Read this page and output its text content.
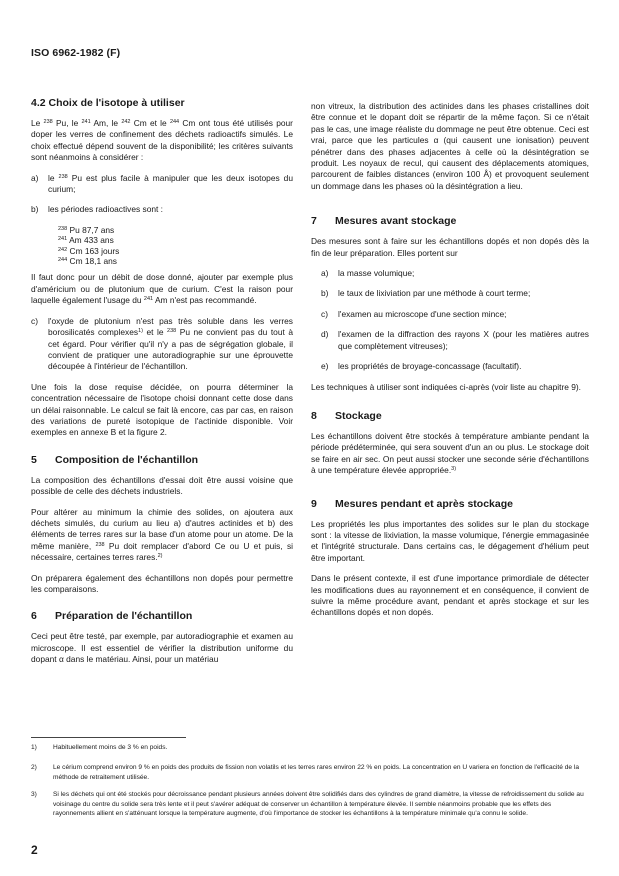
ISO 6962-1982 (F)
4.2 Choix de l'isotope à utiliser
Le $^{238}$ Pu, le $^{241}$ Am, le $^{242}$ Cm et le $^{244}$ Cm ont tous été utilisés pour doper les verres de confinement des déchets radioactifs simulés. Le choix effectué dépend souvent de la disponibilité; les critères suivants sont néanmoins à considérer :
a)	le $^{238}$ Pu est plus facile à manipuler que les deux isotopes du curium;
b)	les périodes radioactives sont :
$^{238}$ Pu 87,7 ans
$^{241}$ Am 433 ans
$^{242}$ Cm 163 jours
$^{244}$ Cm 18,1 ans
Il faut donc pour un débit de dose donné, ajouter par exemple plus d'américium ou de plutonium que de curium. C'est la raison pour laquelle également l'usage du $^{241}$ Am n'est pas recommandé.
c)	l'oxyde de plutonium n'est pas très soluble dans les verres borosilicatés complexes$^{1)}$ et le $^{238}$ Pu ne convient pas du tout à cet égard. Pour vérifier qu'il n'y a pas de ségrégation globale, il convient de pratiquer une autoradiographie sur une éprouvette découpée à l'intérieur de l'échantillon.
Une fois la dose requise décidée, on pourra déterminer la concentration nécessaire de l'isotope choisi donnant cette dose dans un délai raisonnable. Le calcul se fait là encore, cas par cas, en raison des variations de pureté isotopique de l'actinide disponible. Voir exemples en annexe B et la figure 2.
5 Composition de l'échantillon
La composition des échantillons d'essai doit être aussi voisine que possible de celle des déchets industriels.
Pour altérer au minimum la chimie des solides, on ajoutera aux déchets simulés, du curium au lieu a) d'autres actinides et b) des éléments de terres rares sur la base d'un atome pour un atome. De la même manière, $^{238}$ Pu doit remplacer d'abord Ce ou U et puis, si nécessaire, certaines terres rares.$^{2)}$
On préparera également des échantillons non dopés pour permettre les comparaisons.
6 Préparation de l'échantillon
Ceci peut être testé, par exemple, par autoradiographie et examen au microscope. Il est essentiel de vérifier la distribution uniforme du dopant α dans le matériau. Ainsi, pour un matériau
non vitreux, la distribution des actinides dans les phases cristallines doit être connue et le dopant doit se répartir de la même façon. Si ce n'était pas le cas, une image réaliste du dommage ne peut être obtenue. Ceci est vrai, parce que les particules α (qui causent une ionisation) peuvent pénétrer dans des phases adjacentes à celle où la désintégration se produit. Les noyaux de recul, qui causent des déplacements atomiques, parcourent de faibles distances (environ 100 Å) et provoquent seulement un dommage dans les phases où la désintégration a lieu.
7 Mesures avant stockage
Des mesures sont à faire sur les échantillons dopés et non dopés dès la fin de leur préparation. Elles portent sur
a)	la masse volumique;
b)	le taux de lixiviation par une méthode à court terme;
c)	l'examen au microscope d'une section mince;
d)	l'examen de la diffraction des rayons X (pour les matières autres que complètement vitreuses);
e)	les propriétés de broyage-concassage (facultatif).
Les techniques à utiliser sont indiquées ci-après (voir liste au chapitre 9).
8 Stockage
Les échantillons doivent être stockés à température ambiante pendant la période prédéterminée, qui sera souvent d'un an ou plus. Le stockage doit se faire en air sec. On peut aussi stocker une seconde série d'échantillons à une température élevée appropriée.$^{3)}$
9 Mesures pendant et après stockage
Les propriétés les plus importantes des solides sur le plan du stockage sont : la vitesse de lixiviation, la masse volumique, l'énergie emmagasinée et l'intégrité structurale. Dans certains cas, le dégagement d'hélium peut être important.
Dans le présent contexte, il est d'une importance primordiale de détecter les modifications dues au rayonnement et en conséquence, il convient de suivre la même procédure avant, pendant et après stockage et sur les échantillons dopés et non dopés.
1)	Habituellement moins de 3 % en poids.
2)	Le cérium comprend environ 9 % en poids des produits de fission non volatils et les terres rares environ 22 % en poids. La concentration en U variera en fonction de l'efficacité de la méthode de retraitement utilisée.
3)	Si les déchets qui ont été stockés pour décroissance pendant plusieurs années doivent être solidifiés dans des cylindres de grand diamètre, la vitesse de refroidissement du solide au voisinage du centre du solide sera très lente et il peut s'avérer adéquat de conserver un échantillon à température élevée. Il semble néanmoins probable que les effets des rayonnements allient en s'atténuant lorsque la température augmente, d'où l'importance de stocker les échantillons à la température minimale qu'a connu le solide.
2
